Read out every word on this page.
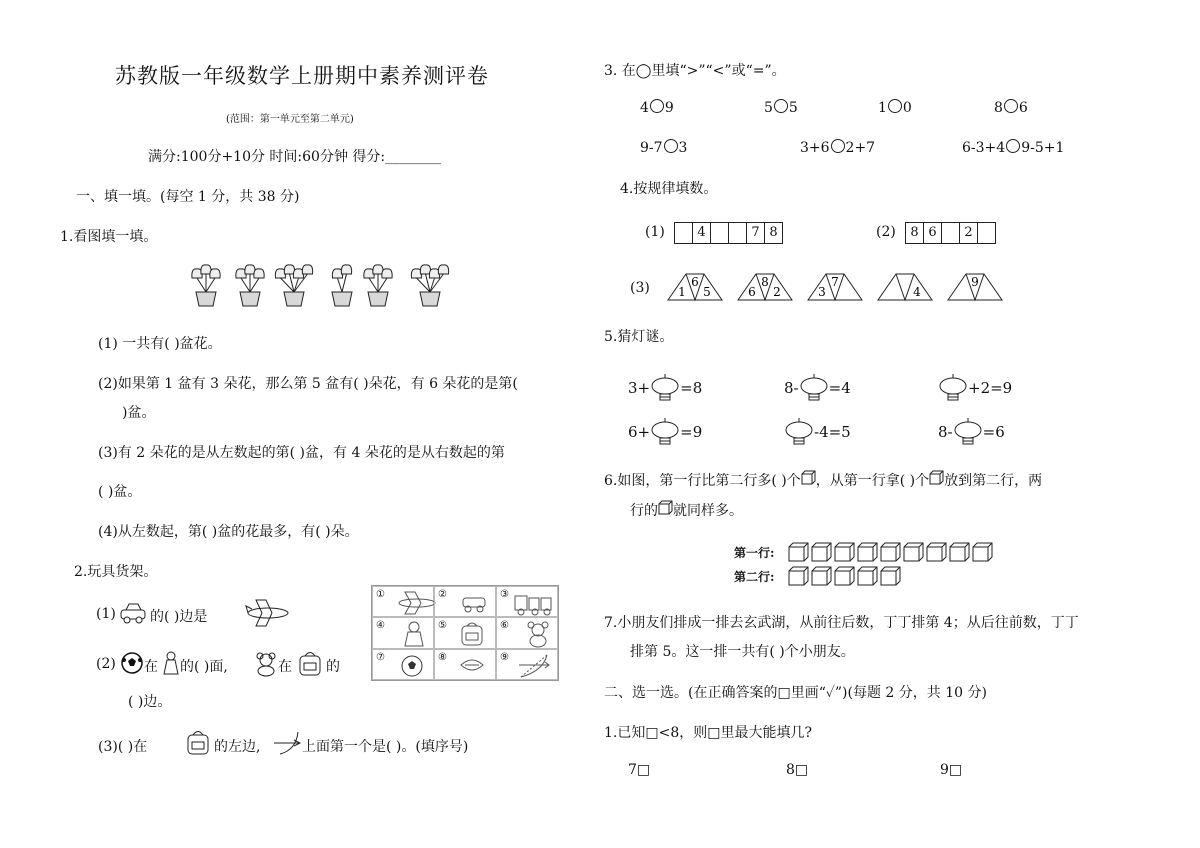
苏教版一年级数学上册期中素养测评卷
(范围：第一单元至第二单元)
满分:100分+10分 时间:60分钟 得分:________
一、填一填。(每空 1 分，共 38 分)
1.看图填一填。
(1) 一共有( )盆花。
(2)如果第 1 盆有 3 朵花，那么第 5 盆有( )朵花，有 6 朵花的是第(
)盆。
(3)有 2 朵花的是从左数起的第( )盆，有 4 朵花的是从右数起的第
( )盆。
(4)从左数起，第( )盆的花最多，有( )朵。
2.玩具货架。
(1) 的( )边是
①	②	③
④	⑤	⑥
⑦	⑧	⑨
(2) 在 的( )面,	在 的
( )边。
(3)( )在	的左边,	上面第一个是( )。(填序号)
3. 在◯里填“>”“<”或“=”。
4.按规律填数。
(1)	4	7 8	(2)	8 6	2
(3) 1
6
5	6
8
2	3
7
4
9
5.猜灯谜。
6.如图，第一行比第二行多( )个 ，从第一行拿( )个 放到第二行，两
行的 就同样多。
第一行:
第二行:
7.小朋友们排成一排去玄武湖，从前往后数，丁丁排第 4；从后往前数，丁丁
排第 5。这一排一共有( )个小朋友。
二、选一选。(在正确答案的□里画“✓”)(每题 2 分，共 10 分)
1.已知□<8，则□里最大能填几?
7□	8□	9□
4 9	5 5	1 0	8 6
9-7 3	3+6 2+7	6-3+4 9-5+1
3+ =8	8- =4	+2=9
6+ =9	-4=5	8- =6
